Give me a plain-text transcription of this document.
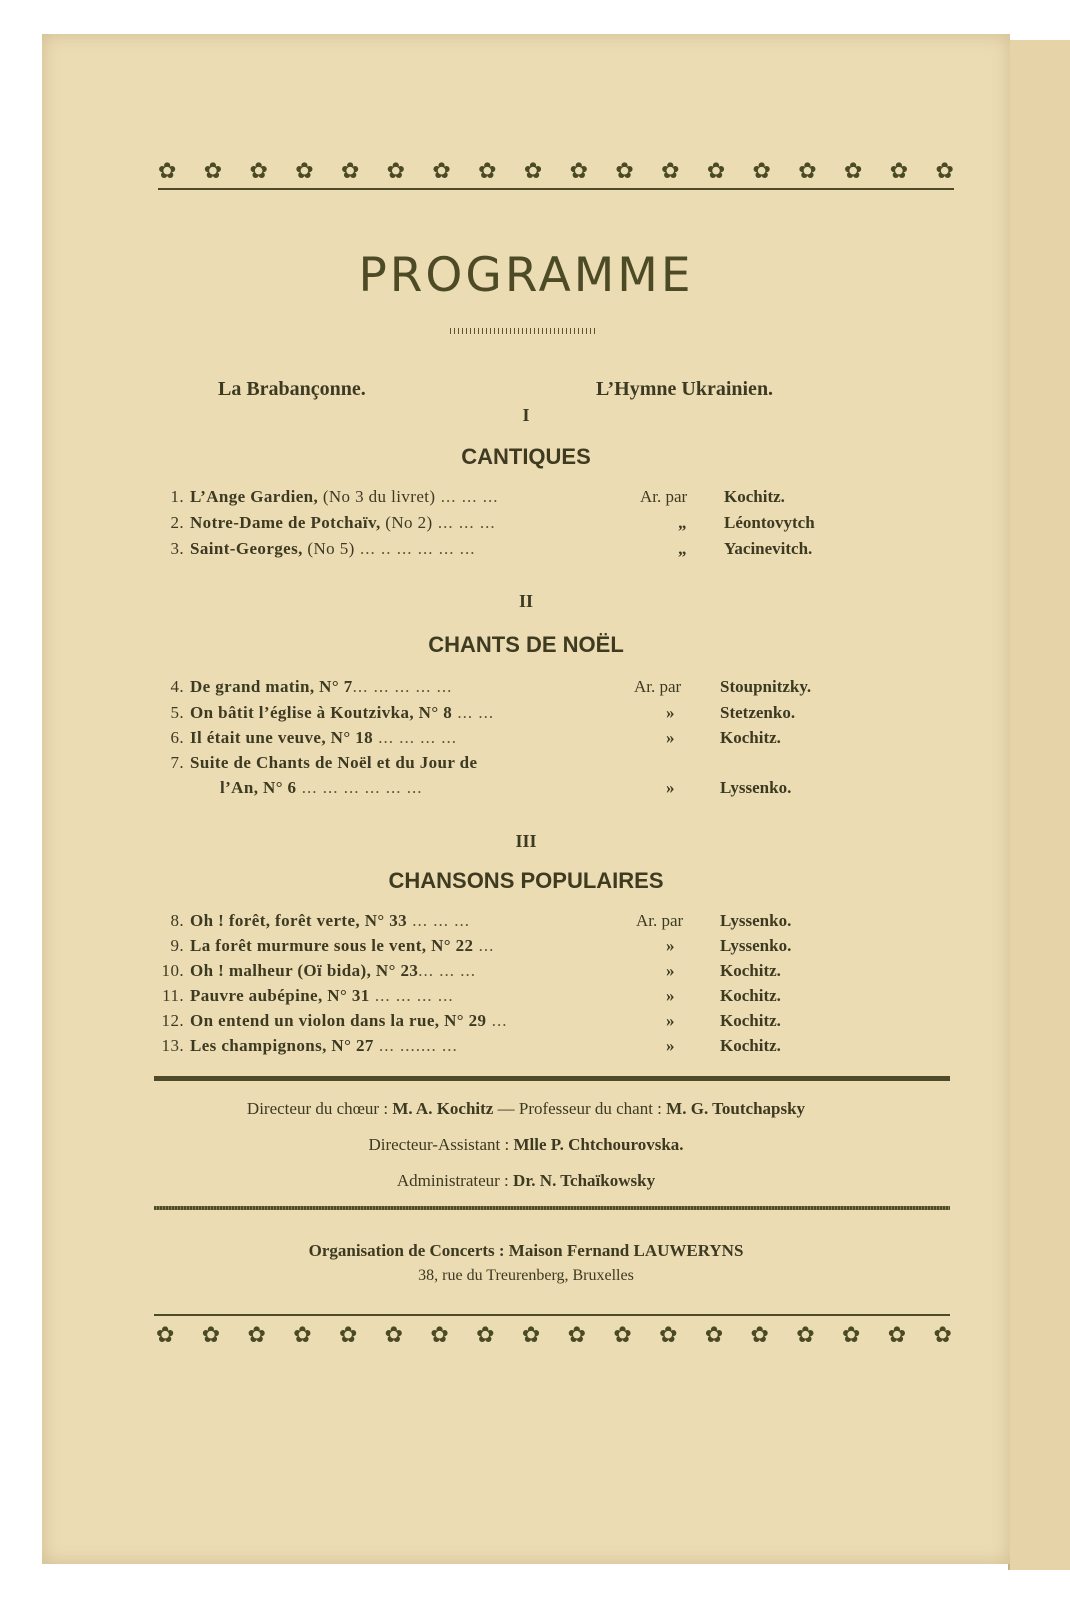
✿ ✿ ✿ ✿ ✿ ✿ ✿ ✿ ✿ ✿ ✿ ✿ ✿ ✿ ✿ ✿ ✿ ✿
PROGRAMME
La Brabançonne.	L’Hymne Ukrainien.
I
CANTIQUES
1. L’Ange Gardien, (No 3 du livret) ... ... ...	Ar. par Kochitz.
2. Notre-Dame de Potchaïv, (No 2) ... ... ...	„ Léontovytch
3. Saint-Georges, (No 5) ... .. ... ... ... ...	„ Yacinevitch.
II
CHANTS DE NOËL
4. De grand matin, N° 7... ... ... ... ...	Ar. par Stoupnitzky.
5. On bâtit l’église à Koutzivka, N° 8 ... ...	»	Stetzenko.
6. Il était une veuve, N° 18 ... ... ... ...	»	Kochitz.
7. Suite de Chants de Noël et du Jour de
l’An, N° 6 ... ... ... ... ... ...	»	Lyssenko.
III
CHANSONS POPULAIRES
8. Oh ! forêt, forêt verte, N° 33 ... ... ...	Ar. par Lyssenko.
9. La forêt murmure sous le vent, N° 22 ...	»	Lyssenko.
10. Oh ! malheur (Oï bida), N° 23... ... ...	»	Kochitz.
11. Pauvre aubépine, N° 31 ... ... ... ...	»	Kochitz.
12. On entend un violon dans la rue, N° 29 ...	»	Kochitz.
13. Les champignons, N° 27 ... ....... ...	»	Kochitz.
Directeur du chœur : M. A. Kochitz — Professeur du chant : M. G. Toutchapsky
Directeur-Assistant : Mlle P. Chtchourovska.
Administrateur : Dr. N. Tchaïkowsky
Organisation de Concerts : Maison Fernand LAUWERYNS
38, rue du Treurenberg, Bruxelles
✿ ✿ ✿ ✿ ✿ ✿ ✿ ✿ ✿ ✿ ✿ ✿ ✿ ✿ ✿ ✿ ✿ ✿
